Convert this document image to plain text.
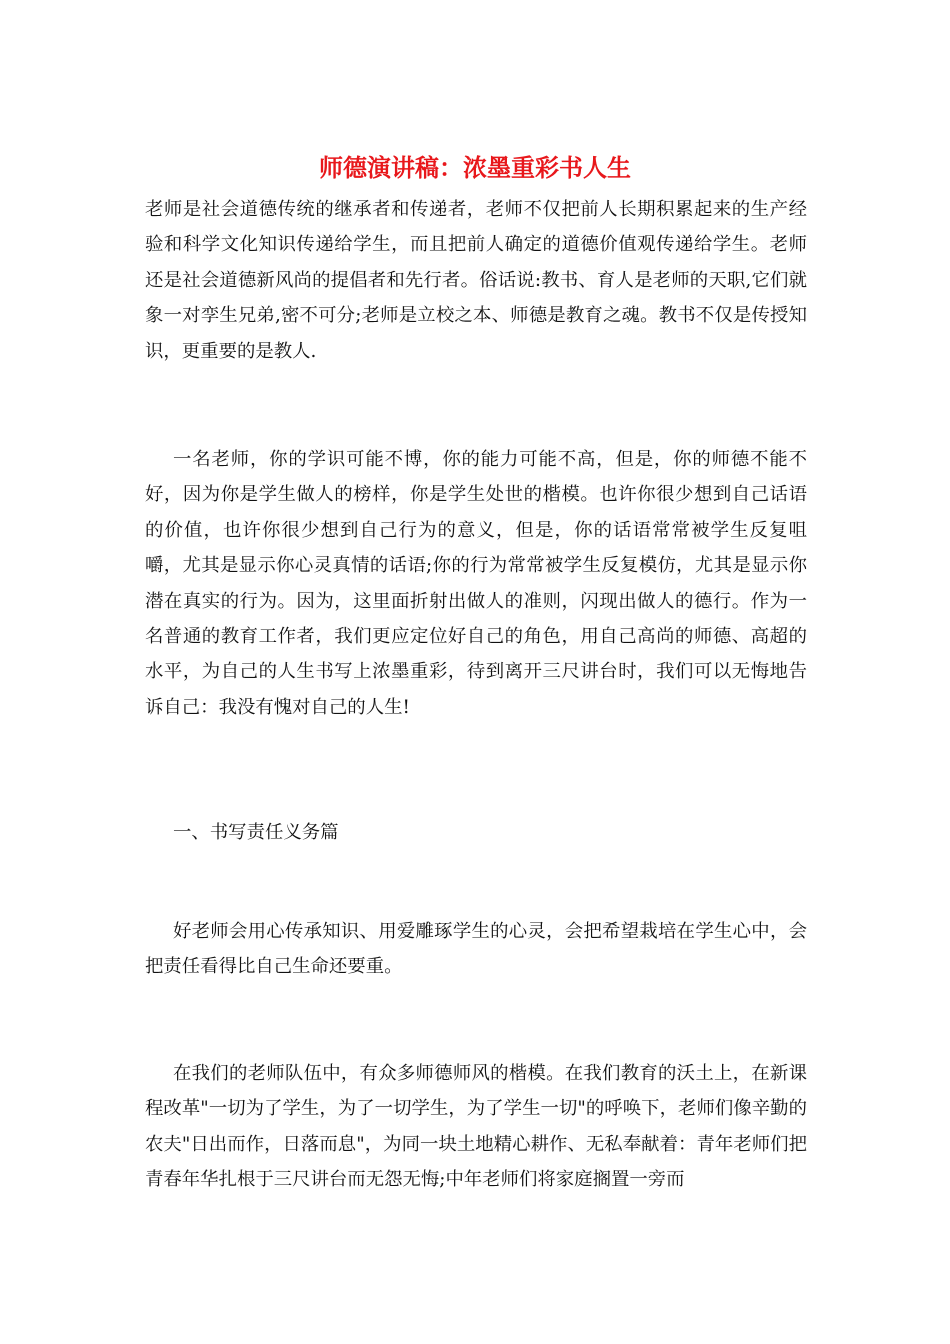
师德演讲稿：浓墨重彩书人生

老师是社会道德传统的继承者和传递者，老师不仅把前人长期积累起来的生产经验和科学文化知识传递给学生，而且把前人确定的道德价值观传递给学生。老师还是社会道德新风尚的提倡者和先行者。俗话说:教书、育人是老师的天职,它们就象一对孪生兄弟,密不可分;老师是立校之本、师德是教育之魂。教书不仅是传授知识，更重要的是教人.

一名老师，你的学识可能不博，你的能力可能不高，但是，你的师德不能不好，因为你是学生做人的榜样，你是学生处世的楷模。也许你很少想到自己话语的价值，也许你很少想到自己行为的意义，但是，你的话语常常被学生反复咀嚼，尤其是显示你心灵真情的话语;你的行为常常被学生反复模仿，尤其是显示你潜在真实的行为。因为，这里面折射出做人的准则，闪现出做人的德行。作为一名普通的教育工作者，我们更应定位好自己的角色，用自己高尚的师德、高超的水平，为自己的人生书写上浓墨重彩，待到离开三尺讲台时，我们可以无悔地告诉自己：我没有愧对自己的人生!

一、书写责任义务篇

好老师会用心传承知识、用爱雕琢学生的心灵，会把希望栽培在学生心中，会把责任看得比自己生命还要重。

在我们的老师队伍中，有众多师德师风的楷模。在我们教育的沃土上，在新课程改革"一切为了学生，为了一切学生，为了学生一切"的呼唤下，老师们像辛勤的农夫"日出而作，日落而息"，为同一块土地精心耕作、无私奉献着：青年老师们把青春年华扎根于三尺讲台而无怨无悔;中年老师们将家庭搁置一旁而
